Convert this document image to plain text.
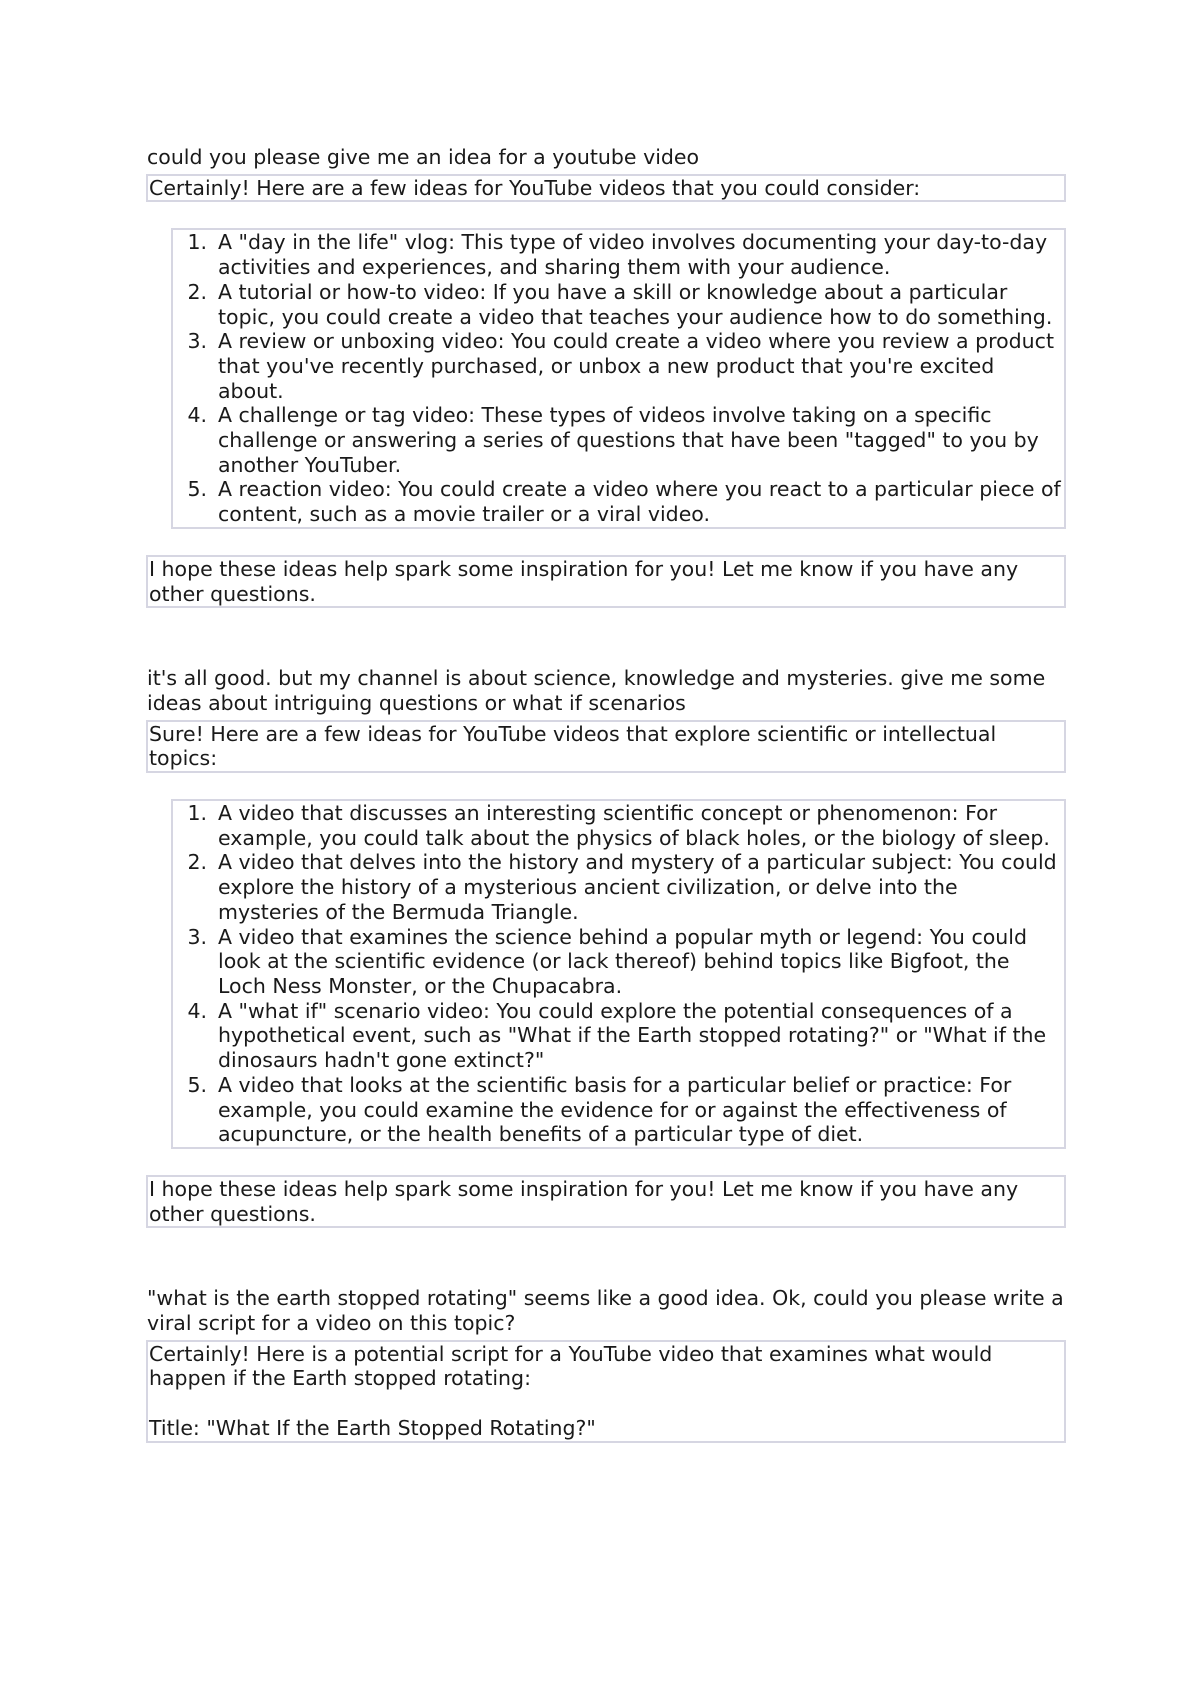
could you please give me an idea for a youtube video
Certainly! Here are a few ideas for YouTube videos that you could consider:
1. A "day in the life" vlog: This type of video involves documenting your day-to-day activities and experiences, and sharing them with your audience.
2. A tutorial or how-to video: If you have a skill or knowledge about a particular topic, you could create a video that teaches your audience how to do something.
3. A review or unboxing video: You could create a video where you review a product that you've recently purchased, or unbox a new product that you're excited about.
4. A challenge or tag video: These types of videos involve taking on a specific challenge or answering a series of questions that have been "tagged" to you by another YouTuber.
5. A reaction video: You could create a video where you react to a particular piece of content, such as a movie trailer or a viral video.
I hope these ideas help spark some inspiration for you! Let me know if you have any other questions.
it's all good. but my channel is about science, knowledge and mysteries. give me some ideas about intriguing questions or what if scenarios
Sure! Here are a few ideas for YouTube videos that explore scientific or intellectual topics:
1. A video that discusses an interesting scientific concept or phenomenon: For example, you could talk about the physics of black holes, or the biology of sleep.
2. A video that delves into the history and mystery of a particular subject: You could explore the history of a mysterious ancient civilization, or delve into the mysteries of the Bermuda Triangle.
3. A video that examines the science behind a popular myth or legend: You could look at the scientific evidence (or lack thereof) behind topics like Bigfoot, the Loch Ness Monster, or the Chupacabra.
4. A "what if" scenario video: You could explore the potential consequences of a hypothetical event, such as "What if the Earth stopped rotating?" or "What if the dinosaurs hadn't gone extinct?"
5. A video that looks at the scientific basis for a particular belief or practice: For example, you could examine the evidence for or against the effectiveness of acupuncture, or the health benefits of a particular type of diet.
I hope these ideas help spark some inspiration for you! Let me know if you have any other questions.
"what is the earth stopped rotating" seems like a good idea. Ok, could you please write a viral script for a video on this topic?
Certainly! Here is a potential script for a YouTube video that examines what would happen if the Earth stopped rotating:
Title: "What If the Earth Stopped Rotating?"
